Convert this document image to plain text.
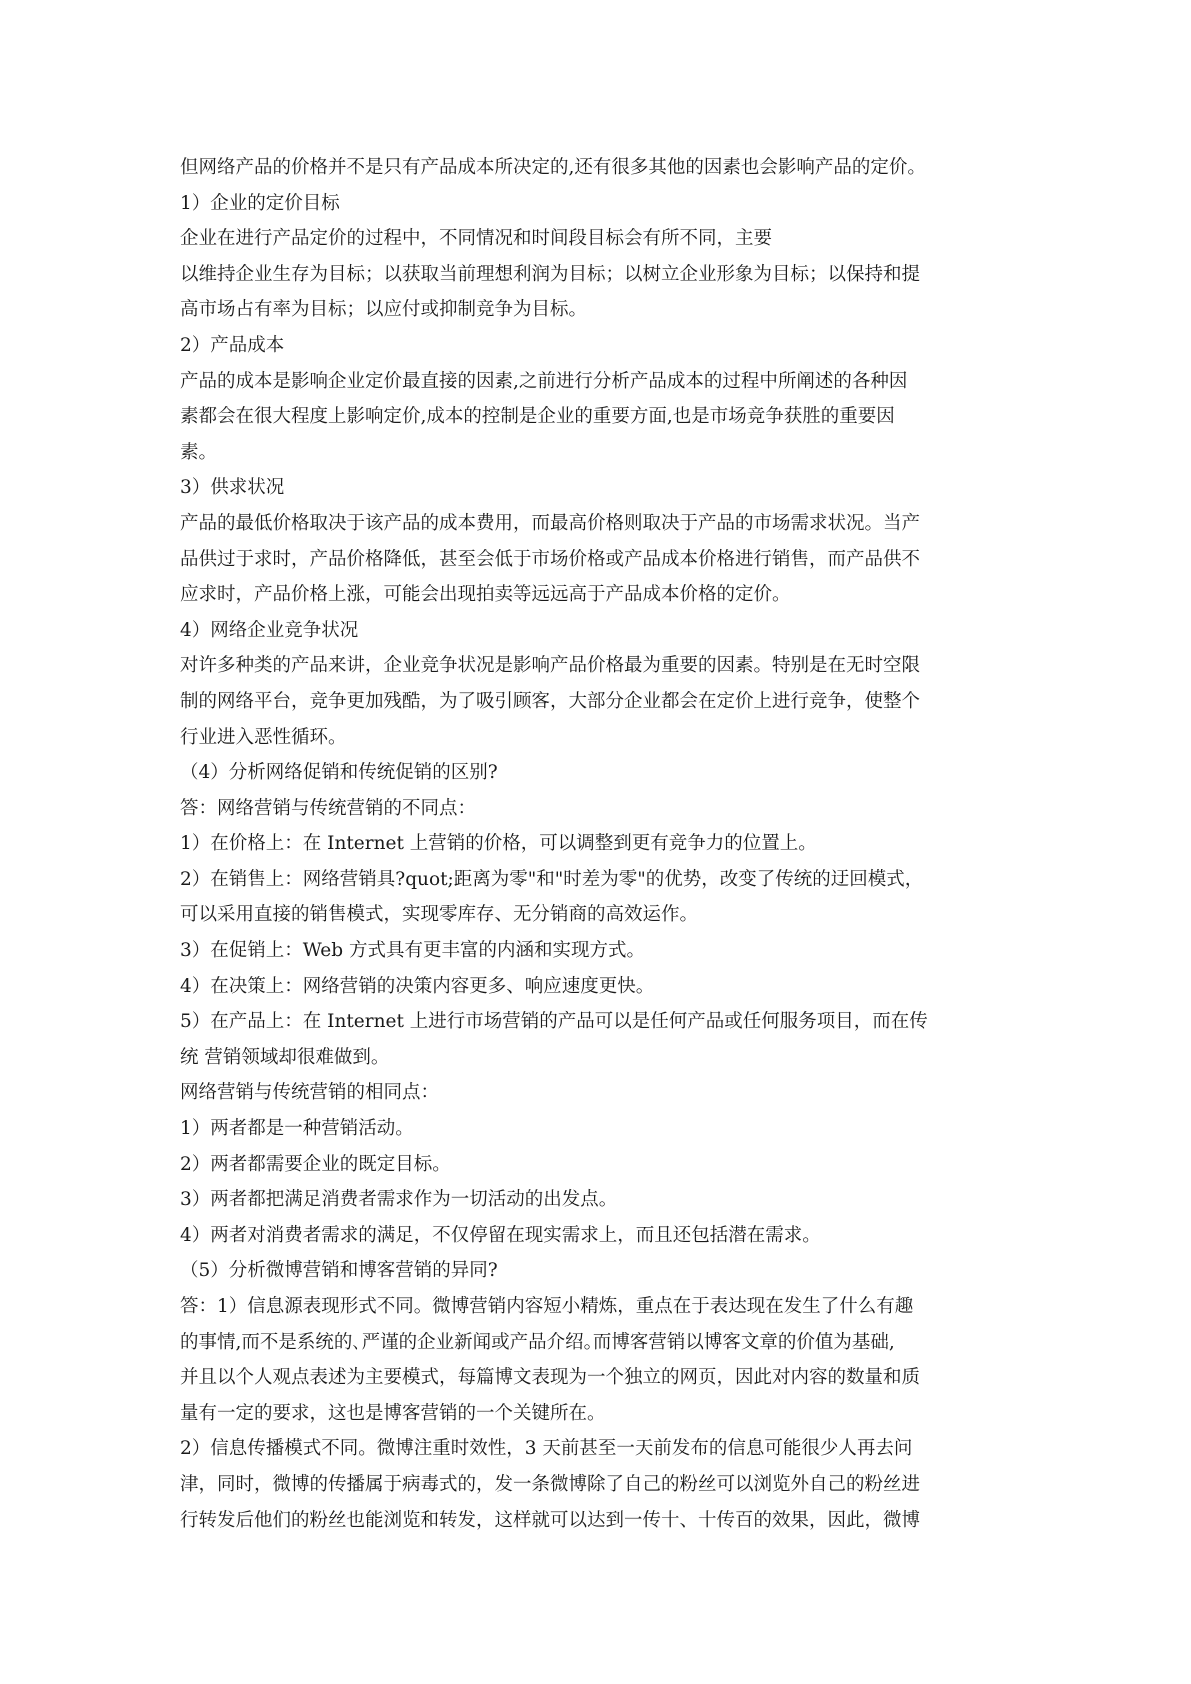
但网络产品的价格并不是只有产品成本所决定的,还有很多其他的因素也会影响产品的定价。
1）企业的定价目标
企业在进行产品定价的过程中，不同情况和时间段目标会有所不同，主要
以维持企业生存为目标；以获取当前理想利润为目标；以树立企业形象为目标；以保持和提
高市场占有率为目标；以应付或抑制竞争为目标。
2）产品成本
产品的成本是影响企业定价最直接的因素,之前进行分析产品成本的过程中所阐述的各种因
素都会在很大程度上影响定价,成本的控制是企业的重要方面,也是市场竞争获胜的重要因
素。
3）供求状况
产品的最低价格取决于该产品的成本费用，而最高价格则取决于产品的市场需求状况。当产
品供过于求时，产品价格降低，甚至会低于市场价格或产品成本价格进行销售，而产品供不
应求时，产品价格上涨，可能会出现拍卖等远远高于产品成本价格的定价。
4）网络企业竞争状况
对许多种类的产品来讲，企业竞争状况是影响产品价格最为重要的因素。特别是在无时空限
制的网络平台，竞争更加残酷，为了吸引顾客，大部分企业都会在定价上进行竞争，使整个
行业进入恶性循环。
（4）分析网络促销和传统促销的区别?
答：网络营销与传统营销的不同点：
1）在价格上：在 Internet 上营销的价格，可以调整到更有竞争力的位置上。
2）在销售上：网络营销具?quot;距离为零"和"时差为零"的优势，改变了传统的迂回模式，
可以采用直接的销售模式，实现零库存、无分销商的高效运作。
3）在促销上：Web 方式具有更丰富的内涵和实现方式。
4）在决策上：网络营销的决策内容更多、响应速度更快。
5）在产品上：在 Internet 上进行市场营销的产品可以是任何产品或任何服务项目，而在传
统 营销领域却很难做到。
网络营销与传统营销的相同点：
1）两者都是一种营销活动。
2）两者都需要企业的既定目标。
3）两者都把满足消费者需求作为一切活动的出发点。
4）两者对消费者需求的满足，不仅停留在现实需求上，而且还包括潜在需求。
（5）分析微博营销和博客营销的异同?
答：1）信息源表现形式不同。微博营销内容短小精炼，重点在于表达现在发生了什么有趣
的事情,而不是系统的､严谨的企业新闻或产品介绍｡而博客营销以博客文章的价值为基础,
并且以个人观点表述为主要模式，每篇博文表现为一个独立的网页，因此对内容的数量和质
量有一定的要求，这也是博客营销的一个关键所在。
2）信息传播模式不同。微博注重时效性，3 天前甚至一天前发布的信息可能很少人再去问
津，同时，微博的传播属于病毒式的，发一条微博除了自己的粉丝可以浏览外自己的粉丝进
行转发后他们的粉丝也能浏览和转发，这样就可以达到一传十、十传百的效果，因此，微博
